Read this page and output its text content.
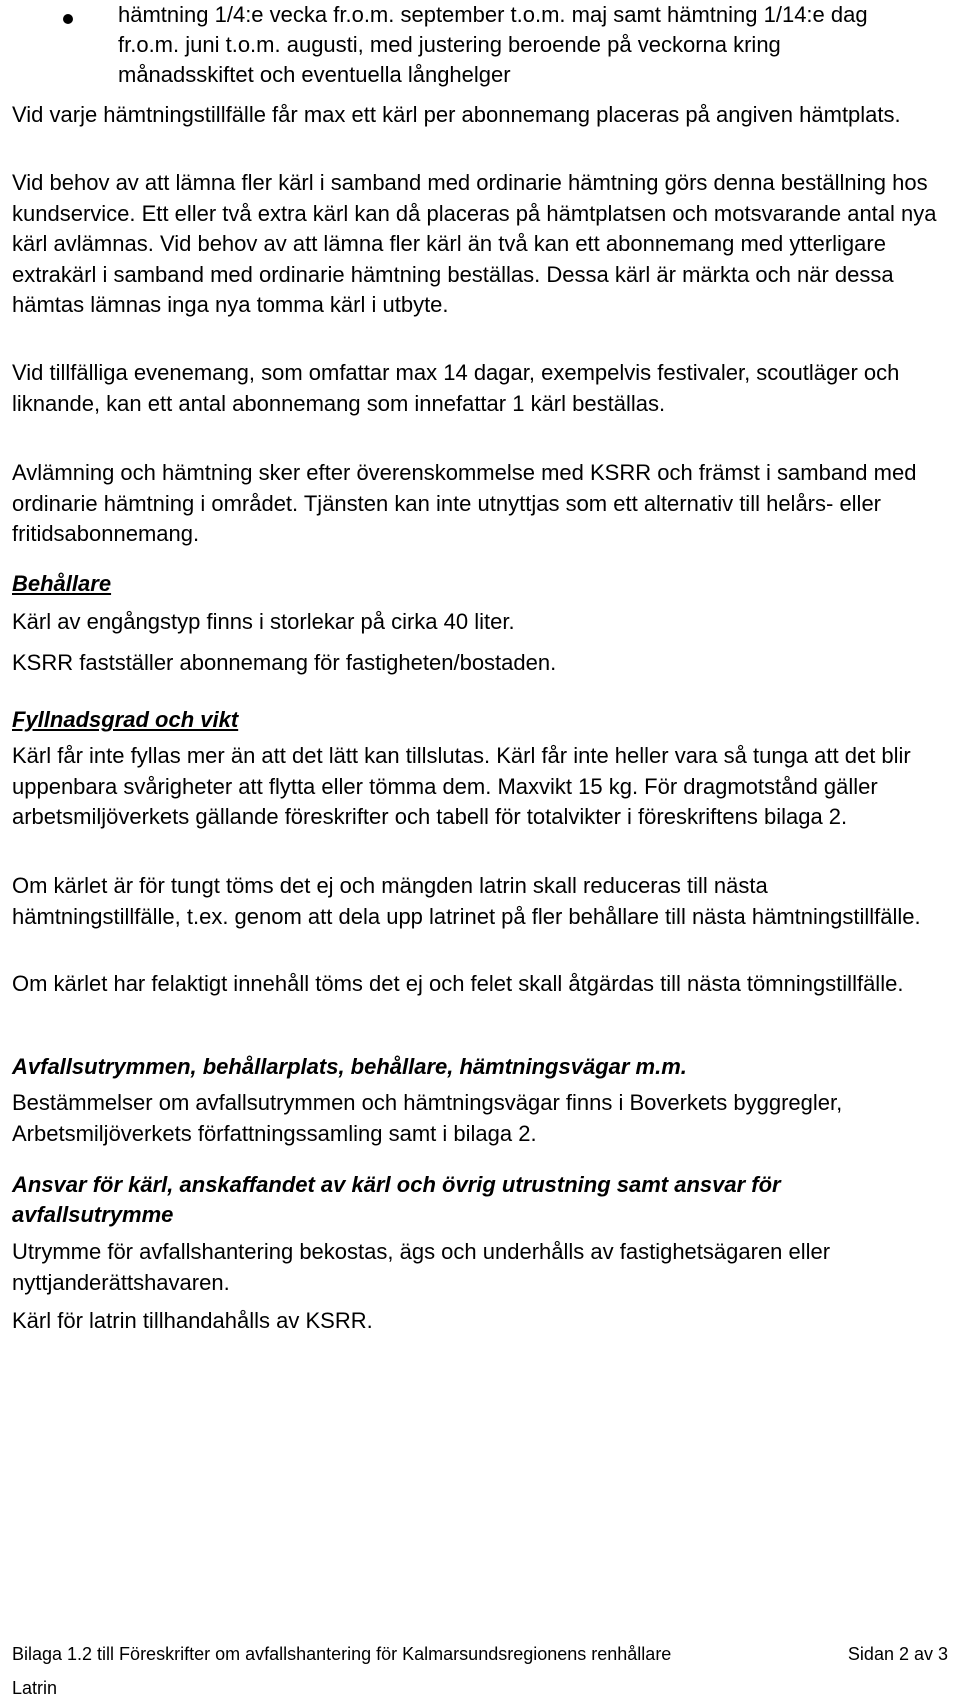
hämtning 1/4:e vecka fr.o.m. september t.o.m. maj samt hämtning 1/14:e dag fr.o.m. juni t.o.m. augusti, med justering beroende på veckorna kring månadsskiftet och eventuella långhelger

Vid varje hämtningstillfälle får max ett kärl per abonnemang placeras på angiven hämtplats.

Vid behov av att lämna fler kärl i samband med ordinarie hämtning görs denna beställning hos kundservice. Ett eller två extra kärl kan då placeras på hämtplatsen och motsvarande antal nya kärl avlämnas. Vid behov av att lämna fler kärl än två kan ett abonnemang med ytterligare extrakärl i samband med ordinarie hämtning beställas. Dessa kärl är märkta och när dessa hämtas lämnas inga nya tomma kärl i utbyte.

Vid tillfälliga evenemang, som omfattar max 14 dagar, exempelvis festivaler, scoutläger och liknande, kan ett antal abonnemang som innefattar 1 kärl beställas.

Avlämning och hämtning sker efter överenskommelse med KSRR och främst i samband med ordinarie hämtning i området. Tjänsten kan inte utnyttjas som ett alternativ till helårs- eller fritidsabonnemang.

Behållare

Kärl av engångstyp finns i storlekar på cirka 40 liter.

KSRR fastställer abonnemang för fastigheten/bostaden.

Fyllnadsgrad och vikt

Kärl får inte fyllas mer än att det lätt kan tillslutas. Kärl får inte heller vara så tunga att det blir uppenbara svårigheter att flytta eller tömma dem. Maxvikt 15 kg. För dragmotstånd gäller arbetsmiljöverkets gällande föreskrifter och tabell för totalvikter i föreskriftens bilaga 2.

Om kärlet är för tungt töms det ej och mängden latrin skall reduceras till nästa hämtningstillfälle, t.ex. genom att dela upp latrinet på fler behållare till nästa hämtningstillfälle.

Om kärlet har felaktigt innehåll töms det ej och felet skall åtgärdas till nästa tömningstillfälle.

Avfallsutrymmen, behållarplats, behållare, hämtningsvägar m.m.

Bestämmelser om avfallsutrymmen och hämtningsvägar finns i Boverkets byggregler, Arbetsmiljöverkets författningssamling samt i bilaga 2.

Ansvar för kärl, anskaffandet av kärl och övrig utrustning samt ansvar för avfallsutrymme

Utrymme för avfallshantering bekostas, ägs och underhålls av fastighetsägaren eller nyttjanderättshavaren.

Kärl för latrin tillhandahålls av KSRR.

Bilaga 1.2 till Föreskrifter om avfallshantering för Kalmarsundsregionens renhållare	Sidan 2 av 3
Latrin
